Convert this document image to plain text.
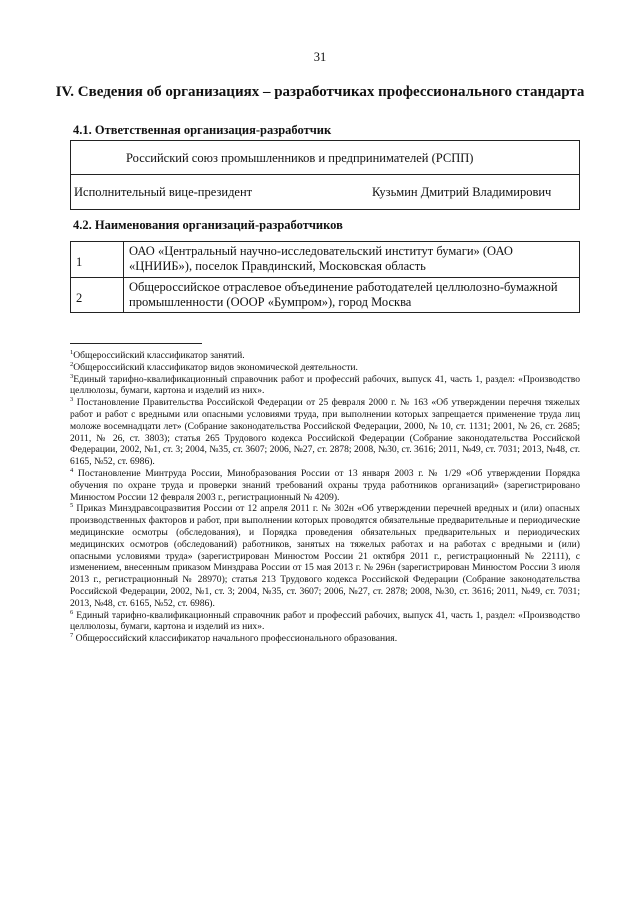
31
IV. Сведения об организациях – разработчиках профессионального стандарта
4.1. Ответственная организация-разработчик
Российский союз промышленников и предпринимателей (РСПП)
Исполнительный вице-президент	Кузьмин Дмитрий Владимирович
4.2. Наименования организаций-разработчиков
1	ОАО «Центральный научно-исследовательский институт бумаги» (ОАО «ЦНИИБ»), поселок Правдинский, Московская область
2	Общероссийское отраслевое объединение работодателей целлюлозно-бумажной промышленности (ОООР «Бумпром»), город Москва

$^1$Общероссийский классификатор занятий.

$^2$Общероссийский классификатор видов экономической деятельности.

$^3$Единый тарифно-квалификационный справочник работ и профессий рабочих, выпуск 41, часть 1, раздел: «Производство целлюлозы, бумаги, картона и изделий из них».

$^3$ Постановление Правительства Российской Федерации от 25 февраля 2000 г. № 163 «Об утверждении перечня тяжелых работ и работ с вредными или опасными условиями труда, при выполнении которых запрещается применение труда лиц моложе восемнадцати лет» (Собрание законодательства Российской Федерации, 2000, № 10, ст. 1131; 2001, № 26, ст. 2685; 2011, № 26, ст. 3803); статья 265 Трудового кодекса Российской Федерации (Собрание законодательства Российской Федерации, 2002, №1, ст. 3; 2004, №35, ст. 3607; 2006, №27, ст. 2878; 2008, №30, ст. 3616; 2011, №49, ст. 7031; 2013, №48, ст. 6165, №52, ст. 6986).

$^4$ Постановление Минтруда России, Минобразования России от 13 января 2003 г. № 1/29 «Об утверждении Порядка обучения по охране труда и проверки знаний требований охраны труда работников организаций» (зарегистрировано Минюстом России 12 февраля 2003 г., регистрационный № 4209).

$^5$ Приказ Минздравсоцразвития России от 12 апреля 2011 г. № 302н «Об утверждении перечней вредных и (или) опасных производственных факторов и работ, при выполнении которых проводятся обязательные предварительные и периодические медицинские осмотры (обследования), и Порядка проведения обязательных предварительных и периодических медицинских осмотров (обследований) работников, занятых на тяжелых работах и на работах с вредными и (или) опасными условиями труда» (зарегистрирован Минюстом России 21 октября 2011 г., регистрационный № 22111), с изменением, внесенным приказом Минздрава России от 15 мая 2013 г. № 296н (зарегистрирован Минюстом России 3 июля 2013 г., регистрационный № 28970); статья 213 Трудового кодекса Российской Федерации (Собрание законодательства Российской Федерации, 2002, №1, ст. 3; 2004, №35, ст. 3607; 2006, №27, ст. 2878; 2008, №30, ст. 3616; 2011, №49, ст. 7031; 2013, №48, ст. 6165, №52, ст. 6986).

$^6$ Единый тарифно-квалификационный справочник работ и профессий рабочих, выпуск 41, часть 1, раздел: «Производство целлюлозы, бумаги, картона и изделий из них».

$^7$ Общероссийский классификатор начального профессионального образования.
